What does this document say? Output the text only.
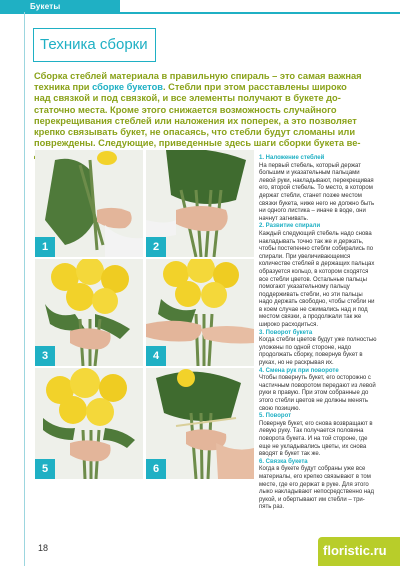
Букеты
Техника сборки

Сборка стеблей материала в правильную спираль – это самая важная техника при сборке букетов. Стебли при этом расставлены широко над связкой и под связкой, и все элементы получают в букете достаточно места. Кроме этого снижается возможность случайного перекрещивания стеблей или наложения их поперек, а это позволяет крепко связывать букет, не опасаясь, что стебли будут сломаны или повреждены. Следующие, приведенные здесь шаги сборки букета ве

1	2
3	4
5	6
1. Наложение стеблей
На первый стебель, который держат большим и указательным пальцами левой руки, накладывают, перекрещивая его, второй стебель. То место, в котором держат стебли, станет позже местом связки букета, ниже него не должно быть ни одного листика – иначе в воде, они начнут загнивать.
2. Развитие спирали
Каждый следующий стебель надо снова накладывать точно так же и держать, чтобы постепенно стебли собирались по спирали. При увеличивающемся количестве стеблей в держащих пальцах образуется кольцо, в котором сходятся все стебли цветов. Остальные пальцы помогают указательному пальцу поддерживать стебли, но эти пальцы надо держать свободно, чтобы стебли ни в коем случае не сжимались над и под местом связки, а продолжали так же широко расходиться.
3. Поворот букета
Когда стебли цветов будут уже полностью уложены по одной стороне, надо продолжать сборку, повернув букет в руках, но не раскрывая их.
4. Смена рук при повороте
Чтобы повернуть букет, его осторожно с частичным поворотом передают из левой руки в правую. При этом собранные до этого стебли цветов не должны менять свою позицию.
5. Поворот
Повернув букет, его снова возвращают в левую руку. Так получается половина поворота букета. И на той стороне, где еще не укладывались цветы, их снова вводят в букет так же.
6. Связка букета
Когда в букете будут собраны уже все материалы, его крепко связывают в том месте, где его держат в руке. Для этого лыко накладывают непосредственно над рукой, и обертывают им стебли – три-пять раз.
18	floristic.ru
